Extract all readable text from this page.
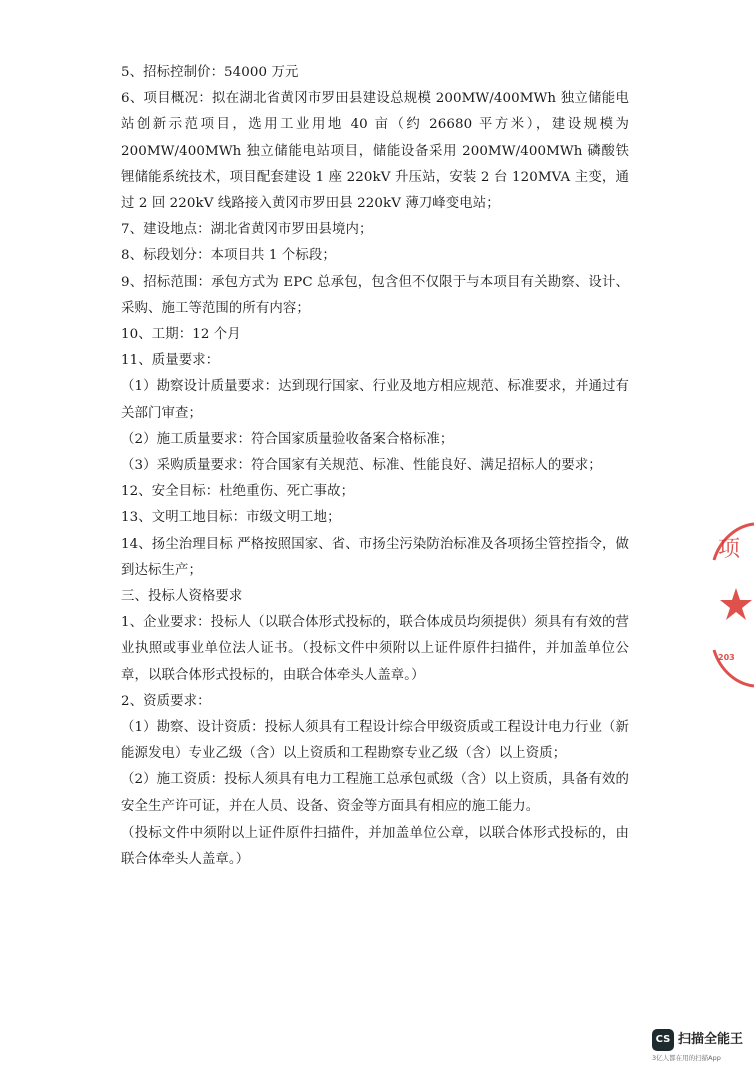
5、招标控制价：54000 万元

6、项目概况：拟在湖北省黄冈市罗田县建设总规模 200MW/400MWh 独立储能电站创新示范项目，选用工业用地 40 亩（约 26680 平方米），建设规模为 200MW/400MWh 独立储能电站项目，储能设备采用 200MW/400MWh 磷酸铁锂储能系统技术，项目配套建设 1 座 220kV 升压站，安装 2 台 120MVA 主变，通过 2 回 220kV 线路接入黄冈市罗田县 220kV 薄刀峰变电站；

7、建设地点：湖北省黄冈市罗田县境内；

8、标段划分：本项目共 1 个标段；

9、招标范围：承包方式为 EPC 总承包，包含但不仅限于与本项目有关勘察、设计、采购、施工等范围的所有内容；

10、工期：12 个月

11、质量要求：

（1）勘察设计质量要求：达到现行国家、行业及地方相应规范、标准要求，并通过有关部门审查；

（2）施工质量要求：符合国家质量验收备案合格标准；

（3）采购质量要求：符合国家有关规范、标准、性能良好、满足招标人的要求；

12、安全目标：杜绝重伤、死亡事故；

13、文明工地目标：市级文明工地；

14、扬尘治理目标 严格按照国家、省、市扬尘污染防治标准及各项扬尘管控指令，做到达标生产；

三、投标人资格要求

1、企业要求：投标人（以联合体形式投标的，联合体成员均须提供）须具有有效的营业执照或事业单位法人证书。（投标文件中须附以上证件原件扫描件，并加盖单位公章，以联合体形式投标的，由联合体牵头人盖章。）

2、资质要求：

（1）勘察、设计资质：投标人须具有工程设计综合甲级资质或工程设计电力行业（新能源发电）专业乙级（含）以上资质和工程勘察专业乙级（含）以上资质；

（2）施工资质：投标人须具有电力工程施工总承包贰级（含）以上资质，具备有效的安全生产许可证，并在人员、设备、资金等方面具有相应的施工能力。

（投标文件中须附以上证件原件扫描件，并加盖单位公章，以联合体形式投标的，由联合体牵头人盖章。）

项
203
CS 扫描全能王
3亿人都在用的扫描App
